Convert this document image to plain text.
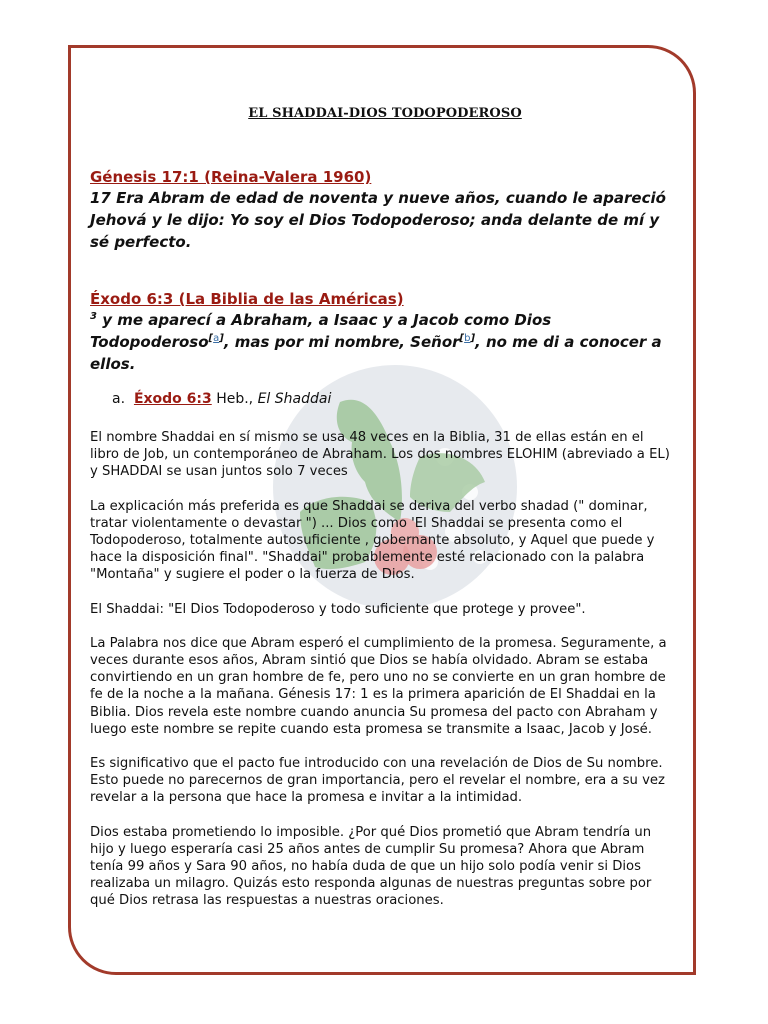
EL SHADDAI-DIOS TODOPODEROSO

Génesis 17:1 (Reina-Valera 1960)

17 Era Abram de edad de noventa y nueve años, cuando le apareció Jehová y le dijo: Yo soy el Dios Todopoderoso; anda delante de mí y sé perfecto.

Éxodo 6:3 (La Biblia de las Américas)

$^3$ y me aparecí a Abraham, a Isaac y a Jacob como Dios Todopoderoso[a], mas por mi nombre, Señor[b], no me di a conocer a ellos.

a. Éxodo 6:3 Heb., El Shaddai

El nombre Shaddai en sí mismo se usa 48 veces en la Biblia, 31 de ellas están en el libro de Job, un contemporáneo de Abraham. Los dos nombres ELOHIM (abreviado a EL) y SHADDAI se usan juntos solo 7 veces

La explicación más preferida es que Shaddai se deriva del verbo shadad (" dominar, tratar violentamente o devastar ") ... Dios como 'El Shaddai se presenta como el Todopoderoso, totalmente autosuficiente , gobernante absoluto, y Aquel que puede y hace la disposición final". "Shaddai" probablemente esté relacionado con la palabra "Montaña" y sugiere el poder o la fuerza de Dios.

El Shaddai: "El Dios Todopoderoso y todo suficiente que protege y provee".

La Palabra nos dice que Abram esperó el cumplimiento de la promesa. Seguramente, a veces durante esos años, Abram sintió que Dios se había olvidado. Abram se estaba convirtiendo en un gran hombre de fe, pero uno no se convierte en un gran hombre de fe de la noche a la mañana. Génesis 17: 1 es la primera aparición de El Shaddai en la Biblia. Dios revela este nombre cuando anuncia Su promesa del pacto con Abraham y luego este nombre se repite cuando esta promesa se transmite a Isaac, Jacob y José.

Es significativo que el pacto fue introducido con una revelación de Dios de Su nombre. Esto puede no parecernos de gran importancia, pero el revelar el nombre, era a su vez revelar a la persona que hace la promesa e invitar a la intimidad.

Dios estaba prometiendo lo imposible. ¿Por qué Dios prometió que Abram tendría un hijo y luego esperaría casi 25 años antes de cumplir Su promesa? Ahora que Abram tenía 99 años y Sara 90 años, no había duda de que un hijo solo podía venir si Dios realizaba un milagro. Quizás esto responda algunas de nuestras preguntas sobre por qué Dios retrasa las respuestas a nuestras oraciones.
